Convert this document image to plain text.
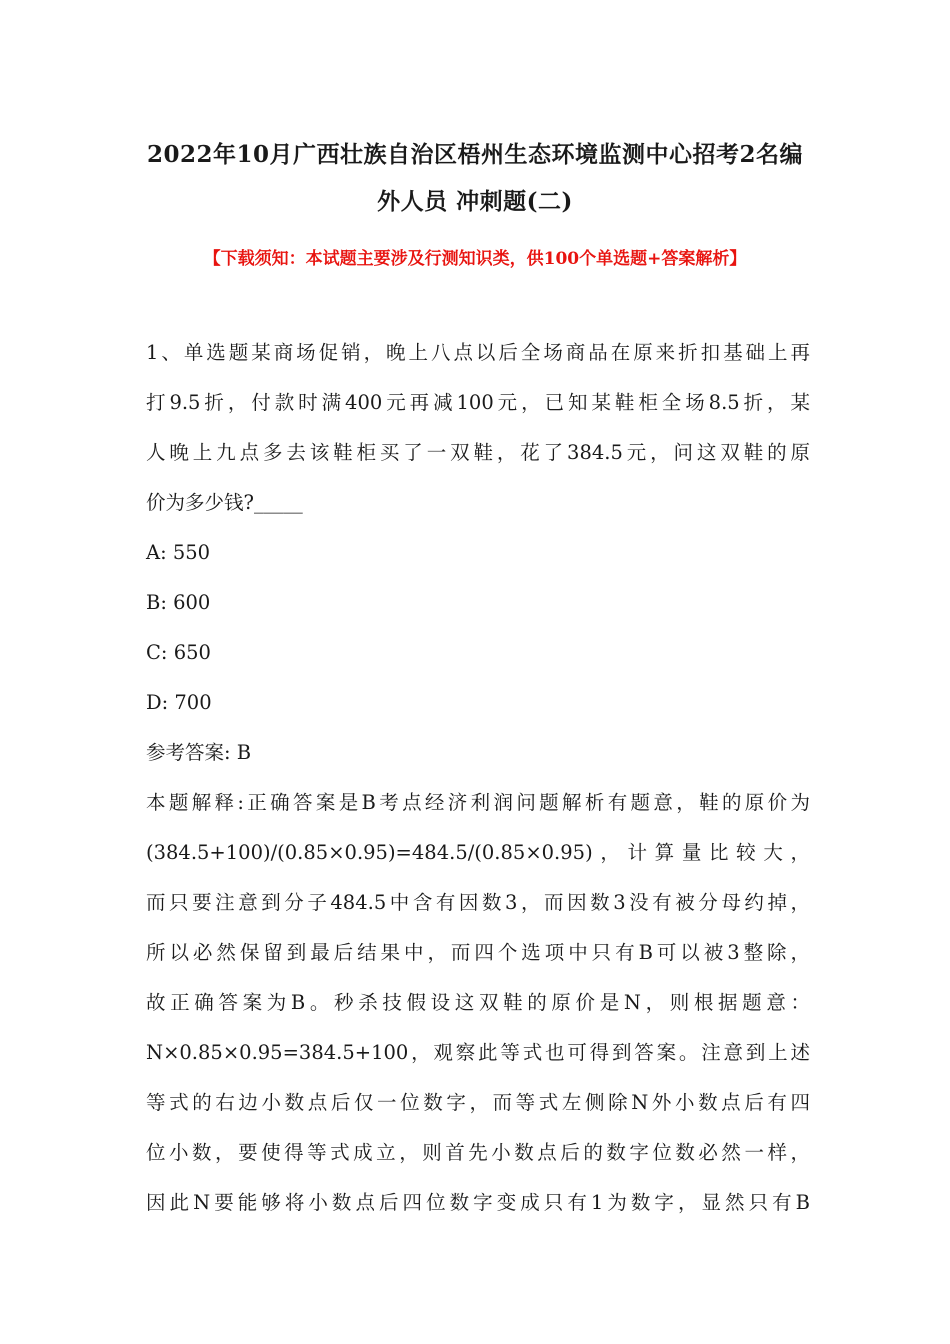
2022年10月广西壮族自治区梧州生态环境监测中心招考2名编
外人员 冲刺题(二)
【下载须知：本试题主要涉及行测知识类，供100个单选题+答案解析】
1、单选题某商场促销，晚上八点以后全场商品在原来折扣基础上再
打9.5折，付款时满400元再减100元，已知某鞋柜全场8.5折，某
人晚上九点多去该鞋柜买了一双鞋，花了384.5元，问这双鞋的原
价为多少钱?_____
A: 550
B: 600
C: 650
D: 700
参考答案: B
本题解释:正确答案是B考点经济利润问题解析有题意，鞋的原价为
(384.5+100)/(0.85×0.95)=484.5/(0.85×0.95)，计算量比较大，
而只要注意到分子484.5中含有因数3，而因数3没有被分母约掉，
所以必然保留到最后结果中，而四个选项中只有B可以被3整除，
故正确答案为B。秒杀技假设这双鞋的原价是N，则根据题意：
N×0.85×0.95=384.5+100，观察此等式也可得到答案。注意到上述
等式的右边小数点后仅一位数字，而等式左侧除N外小数点后有四
位小数，要使得等式成立，则首先小数点后的数字位数必然一样，
因此N要能够将小数点后四位数字变成只有1为数字，显然只有B
